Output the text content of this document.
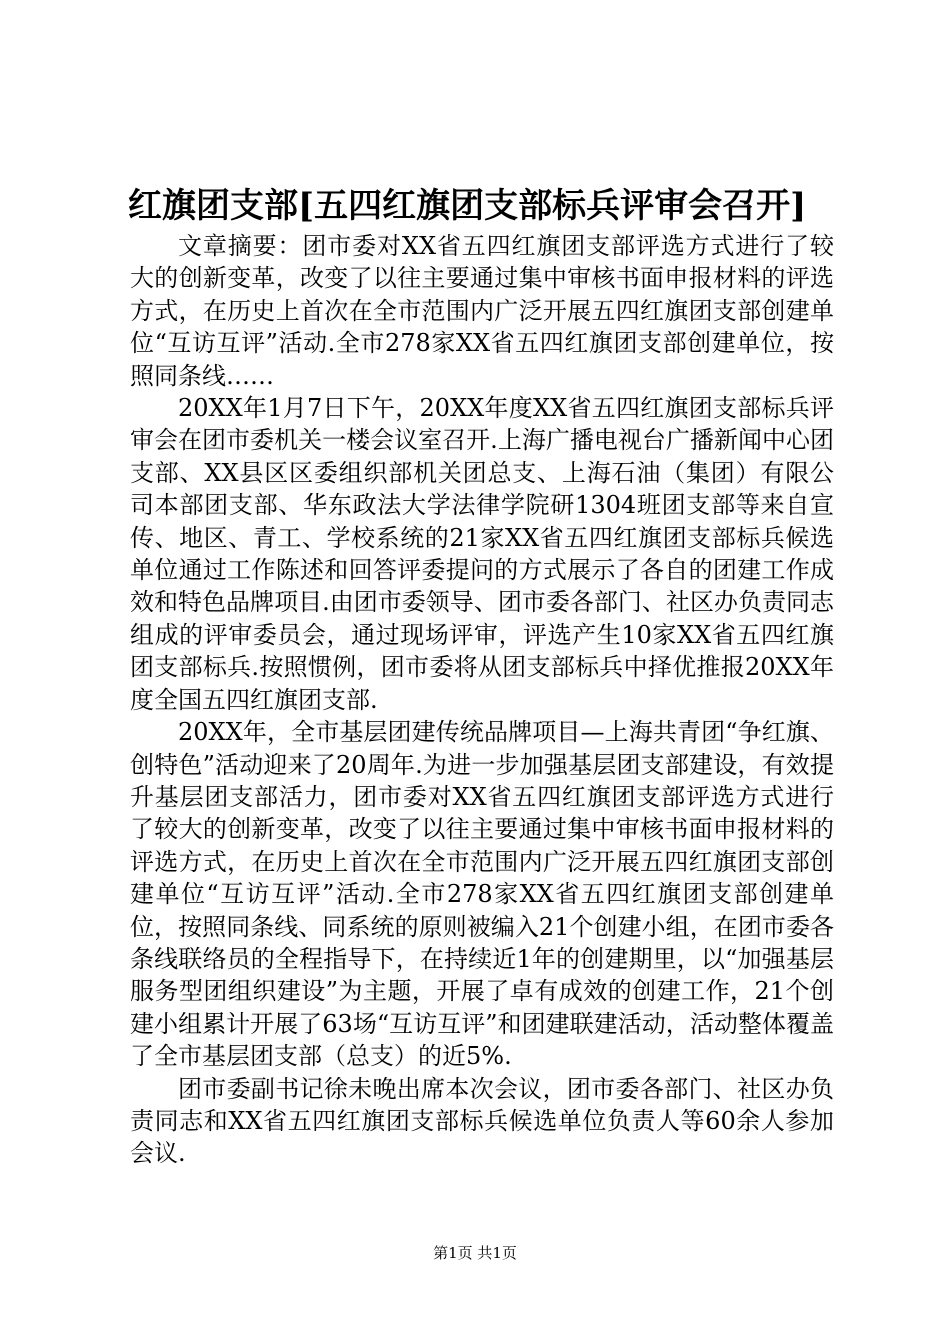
红旗团支部[五四红旗团支部标兵评审会召开]

文章摘要：团市委对XX省五四红旗团支部评选方式进行了较大的创新变革，改变了以往主要通过集中审核书面申报材料的评选方式，在历史上首次在全市范围内广泛开展五四红旗团支部创建单位“互访互评”活动.全市278家XX省五四红旗团支部创建单位，按照同条线……

20XX年1月7日下午，20XX年度XX省五四红旗团支部标兵评审会在团市委机关一楼会议室召开.上海广播电视台广播新闻中心团支部、XX县区区委组织部机关团总支、上海石油（集团）有限公司本部团支部、华东政法大学法律学院研1304班团支部等来自宣传、地区、青工、学校系统的21家XX省五四红旗团支部标兵候选单位通过工作陈述和回答评委提问的方式展示了各自的团建工作成效和特色品牌项目.由团市委领导、团市委各部门、社区办负责同志组成的评审委员会，通过现场评审，评选产生10家XX省五四红旗团支部标兵.按照惯例，团市委将从团支部标兵中择优推报20XX年度全国五四红旗团支部.

20XX年，全市基层团建传统品牌项目—上海共青团“争红旗、创特色”活动迎来了20周年.为进一步加强基层团支部建设，有效提升基层团支部活力，团市委对XX省五四红旗团支部评选方式进行了较大的创新变革，改变了以往主要通过集中审核书面申报材料的评选方式，在历史上首次在全市范围内广泛开展五四红旗团支部创建单位“互访互评”活动.全市278家XX省五四红旗团支部创建单位，按照同条线、同系统的原则被编入21个创建小组，在团市委各条线联络员的全程指导下，在持续近1年的创建期里，以“加强基层服务型团组织建设”为主题，开展了卓有成效的创建工作，21个创建小组累计开展了63场“互访互评”和团建联建活动，活动整体覆盖了全市基层团支部（总支）的近5%.

团市委副书记徐未晚出席本次会议，团市委各部门、社区办负责同志和XX省五四红旗团支部标兵候选单位负责人等60余人参加会议.

第1页 共1页
